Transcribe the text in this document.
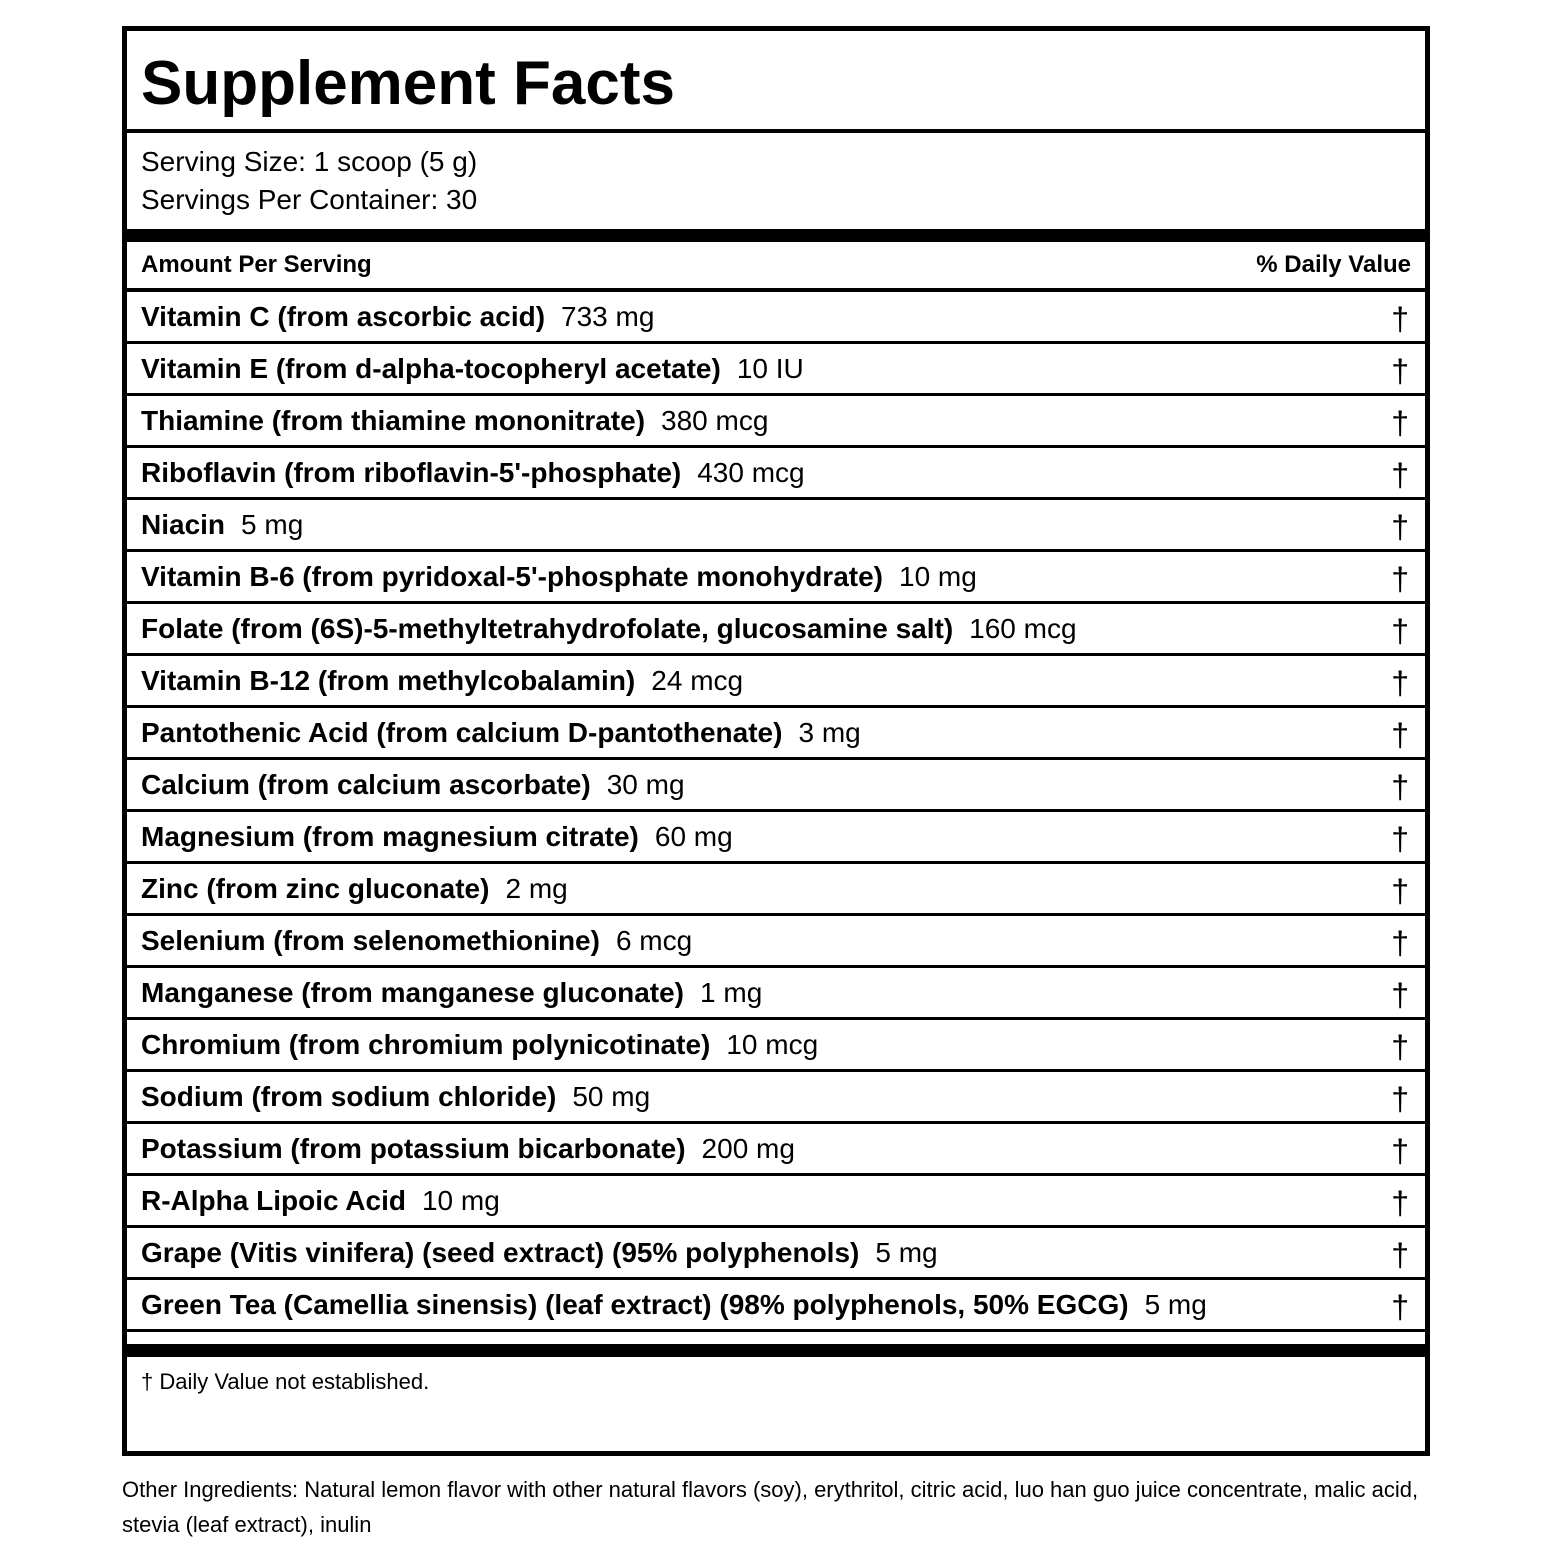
Supplement Facts
Serving Size: 1 scoop (5 g)
Servings Per Container: 30
Amount Per Serving	% Daily Value
Vitamin C (from ascorbic acid) 733 mg	†
Vitamin E (from d-alpha-tocopheryl acetate) 10 IU	†
Thiamine (from thiamine mononitrate) 380 mcg	†
Riboflavin (from riboflavin-5'-phosphate) 430 mcg	†
Niacin 5 mg	†
Vitamin B-6 (from pyridoxal-5'-phosphate monohydrate) 10 mg	†
Folate (from (6S)-5-methyltetrahydrofolate, glucosamine salt) 160 mcg	†
Vitamin B-12 (from methylcobalamin) 24 mcg	†
Pantothenic Acid (from calcium D-pantothenate) 3 mg	†
Calcium (from calcium ascorbate) 30 mg	†
Magnesium (from magnesium citrate) 60 mg	†
Zinc (from zinc gluconate) 2 mg	†
Selenium (from selenomethionine) 6 mcg	†
Manganese (from manganese gluconate) 1 mg	†
Chromium (from chromium polynicotinate) 10 mcg	†
Sodium (from sodium chloride) 50 mg	†
Potassium (from potassium bicarbonate) 200 mg	†
R-Alpha Lipoic Acid 10 mg	†
Grape (Vitis vinifera) (seed extract) (95% polyphenols) 5 mg	†
Green Tea (Camellia sinensis) (leaf extract) (98% polyphenols, 50% EGCG) 5 mg	†
† Daily Value not established.
Other Ingredients: Natural lemon flavor with other natural flavors (soy), erythritol, citric acid, luo han guo juice concentrate, malic acid, stevia (leaf extract), inulin
